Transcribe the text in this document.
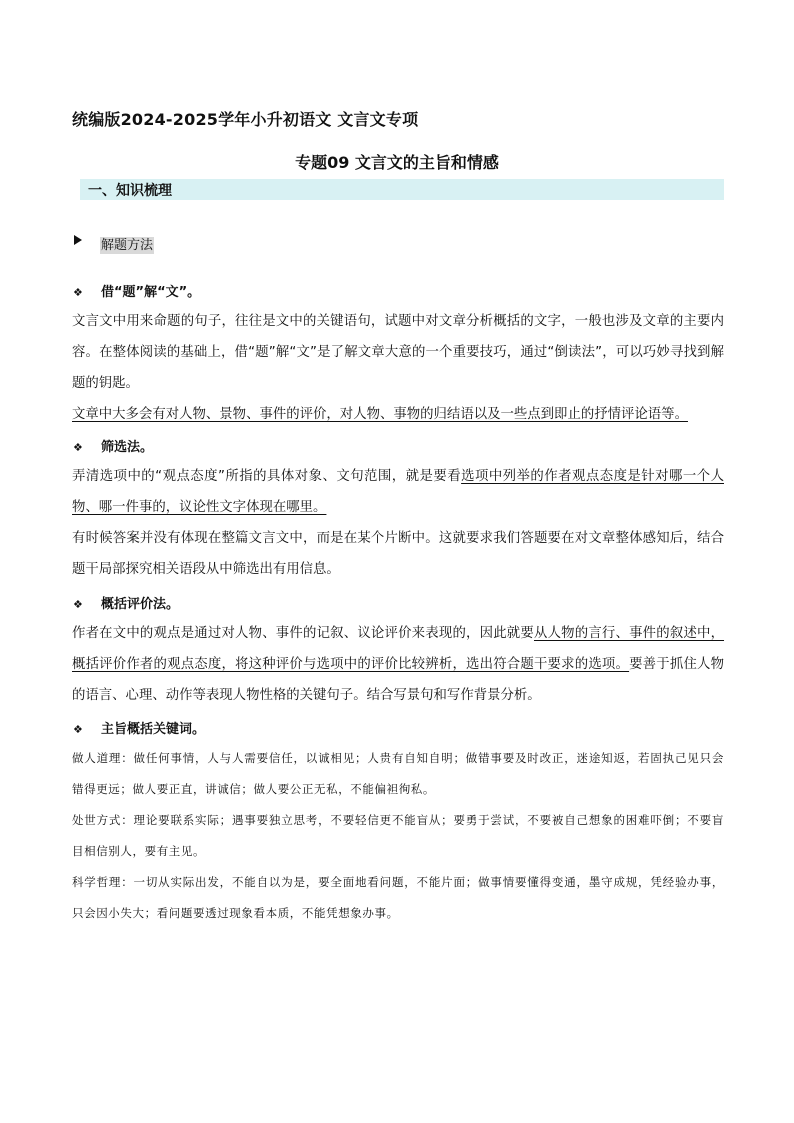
统编版2024-2025学年小升初语文 文言文专项
专题09 文言文的主旨和情感
一、知识梳理
解题方法
❖ 借“题”解“文”。
文言文中用来命题的句子，往往是文中的关键语句，试题中对文章分析概括的文字，一般也涉及文章的主要内容。在整体阅读的基础上，借“题”解“文”是了解文章大意的一个重要技巧，通过“倒读法”，可以巧妙寻找到解题的钥匙。
文章中大多会有对人物、景物、事件的评价，对人物、事物的归结语以及一些点到即止的抒情评论语等。
❖ 筛选法。
弄清选项中的“观点态度”所指的具体对象、文句范围，就是要看选项中列举的作者观点态度是针对哪一个人物、哪一件事的，议论性文字体现在哪里。
有时候答案并没有体现在整篇文言文中，而是在某个片断中。这就要求我们答题要在对文章整体感知后，结合题干局部探究相关语段从中筛选出有用信息。
❖ 概括评价法。
作者在文中的观点是通过对人物、事件的记叙、议论评价来表现的，因此就要从人物的言行、事件的叙述中，概括评价作者的观点态度，将这种评价与选项中的评价比较辨析，选出符合题干要求的选项。要善于抓住人物的语言、心理、动作等表现人物性格的关键句子。结合写景句和写作背景分析。
❖ 主旨概括关键词。
做人道理：做任何事情，人与人需要信任，以诚相见；人贵有自知自明；做错事要及时改正，迷途知返，若固执己见只会错得更远；做人要正直，讲诚信；做人要公正无私，不能偏袒徇私。
处世方式：理论要联系实际；遇事要独立思考，不要轻信更不能盲从；要勇于尝试，不要被自己想象的困难吓倒；不要盲目相信别人，要有主见。
科学哲理：一切从实际出发，不能自以为是，要全面地看问题，不能片面；做事情要懂得变通，墨守成规，凭经验办事，只会因小失大；看问题要透过现象看本质，不能凭想象办事。
